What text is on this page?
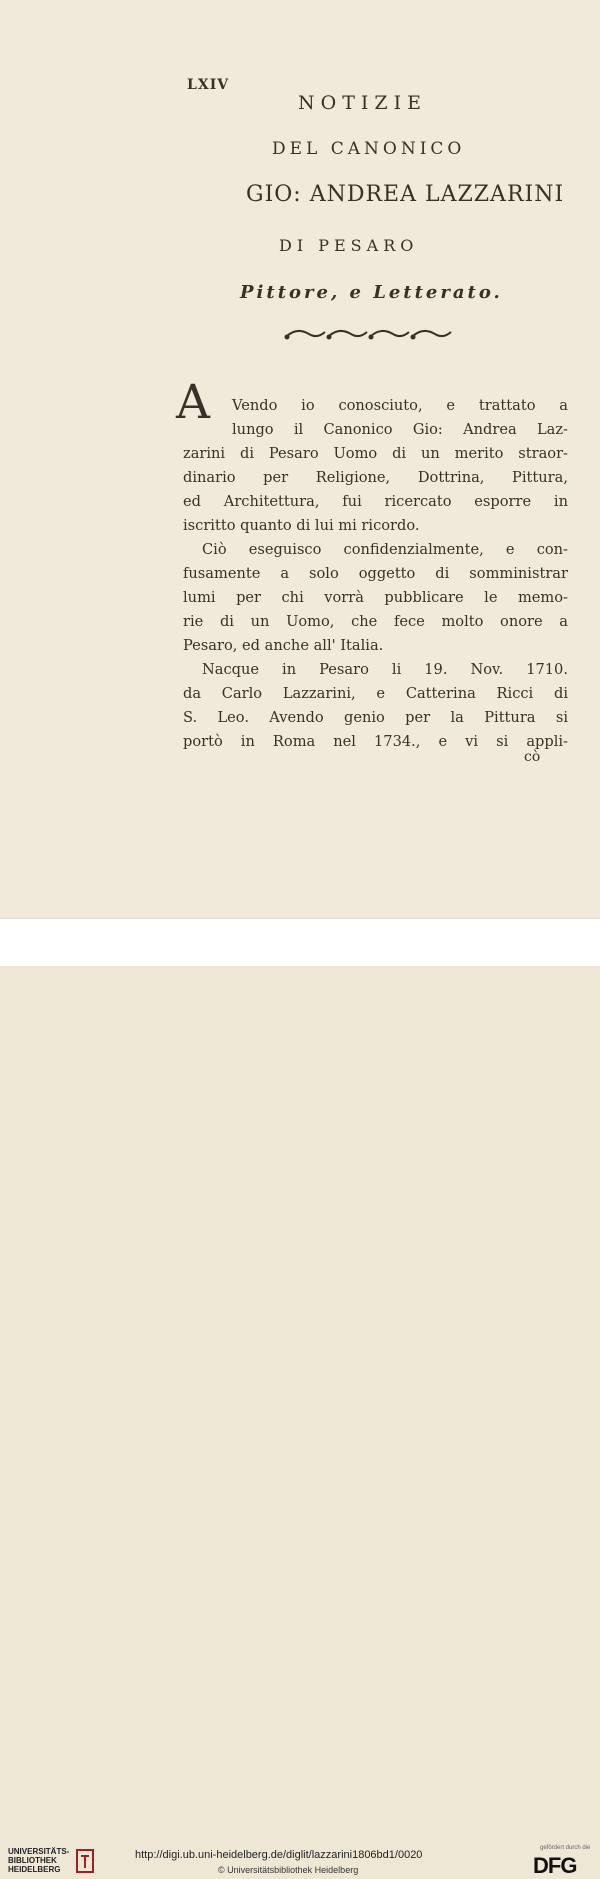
LXIV
NOTIZIE
DEL CANONICO
GIO: ANDREA LAZZARINI
DI PESARO
Pittore, e Letterato.
A Vendo io conosciuto, e trattato a
lungo il Canonico Gio: Andrea Laz-
zarini di Pesaro Uomo di un merito straor-
dinario per Religione, Dottrina, Pittura,
ed Architettura, fui ricercato esporre in
iscritto quanto di lui mi ricordo.
Ciò eseguisco confidenzialmente, e con-
fusamente a solo oggetto di somministrar
lumi per chi vorrà pubblicare le memo-
rie di un Uomo, che fece molto onore a
Pesaro, ed anche all' Italia.
Nacque in Pesaro li 19. Nov. 1710.
da Carlo Lazzarini, e Catterina Ricci di
S. Leo. Avendo genio per la Pittura si
portò in Roma nel 1734., e vi si appli-
cò
UNIVERSITÄTS-
BIBLIOTHEK
HEIDELBERG
http://digi.ub.uni-heidelberg.de/diglit/lazzarini1806bd1/0020
© Universitätsbibliothek Heidelberg
gefördert durch die
DFG
